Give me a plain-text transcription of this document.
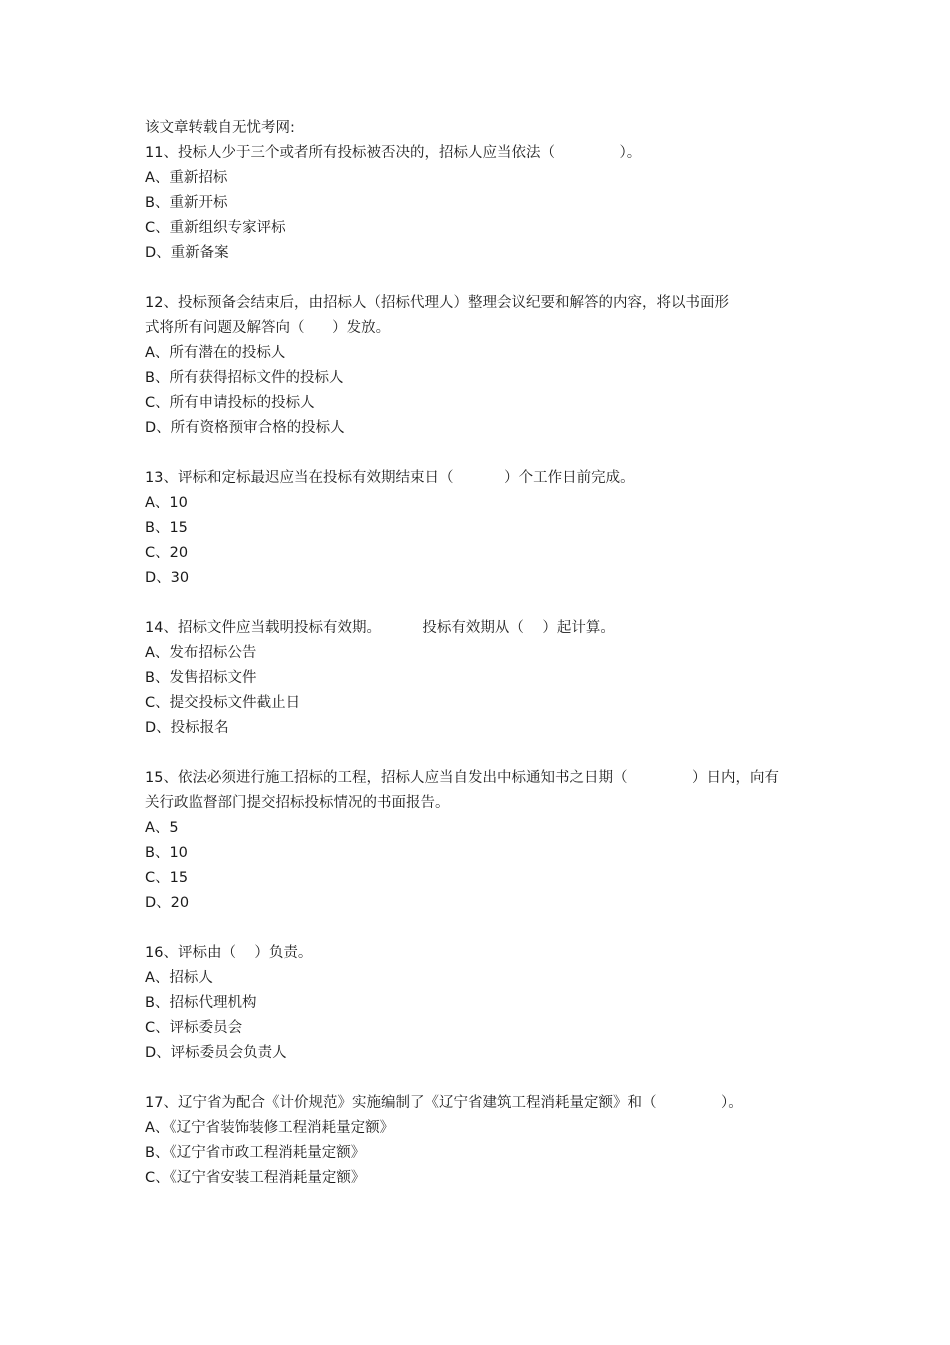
该文章转载自无忧考网:
11、投标人少于三个或者所有投标被否决的，招标人应当依法（              ）。
A、重新招标
B、重新开标
C、重新组织专家评标
D、重新备案
12、投标预备会结束后，由招标人（招标代理人）整理会议纪要和解答的内容，将以书面形
式将所有问题及解答向（      ）发放。
A、所有潜在的投标人
B、所有获得招标文件的投标人
C、所有申请投标的投标人
D、所有资格预审合格的投标人
13、评标和定标最迟应当在投标有效期结束日（           ）个工作日前完成。
A、10
B、15
C、20
D、30
14、招标文件应当载明投标有效期。         投标有效期从（    ）起计算。
A、发布招标公告
B、发售招标文件
C、提交投标文件截止日
D、投标报名
15、依法必须进行施工招标的工程，招标人应当自发出中标通知书之日期（              ）日内，向有
关行政监督部门提交招标投标情况的书面报告。
A、5
B、10
C、15
D、20
16、评标由（    ）负责。
A、招标人
B、招标代理机构
C、评标委员会
D、评标委员会负责人
17、辽宁省为配合《计价规范》实施编制了《辽宁省建筑工程消耗量定额》和（              ）。
A、《辽宁省装饰装修工程消耗量定额》
B、《辽宁省市政工程消耗量定额》
C、《辽宁省安装工程消耗量定额》
